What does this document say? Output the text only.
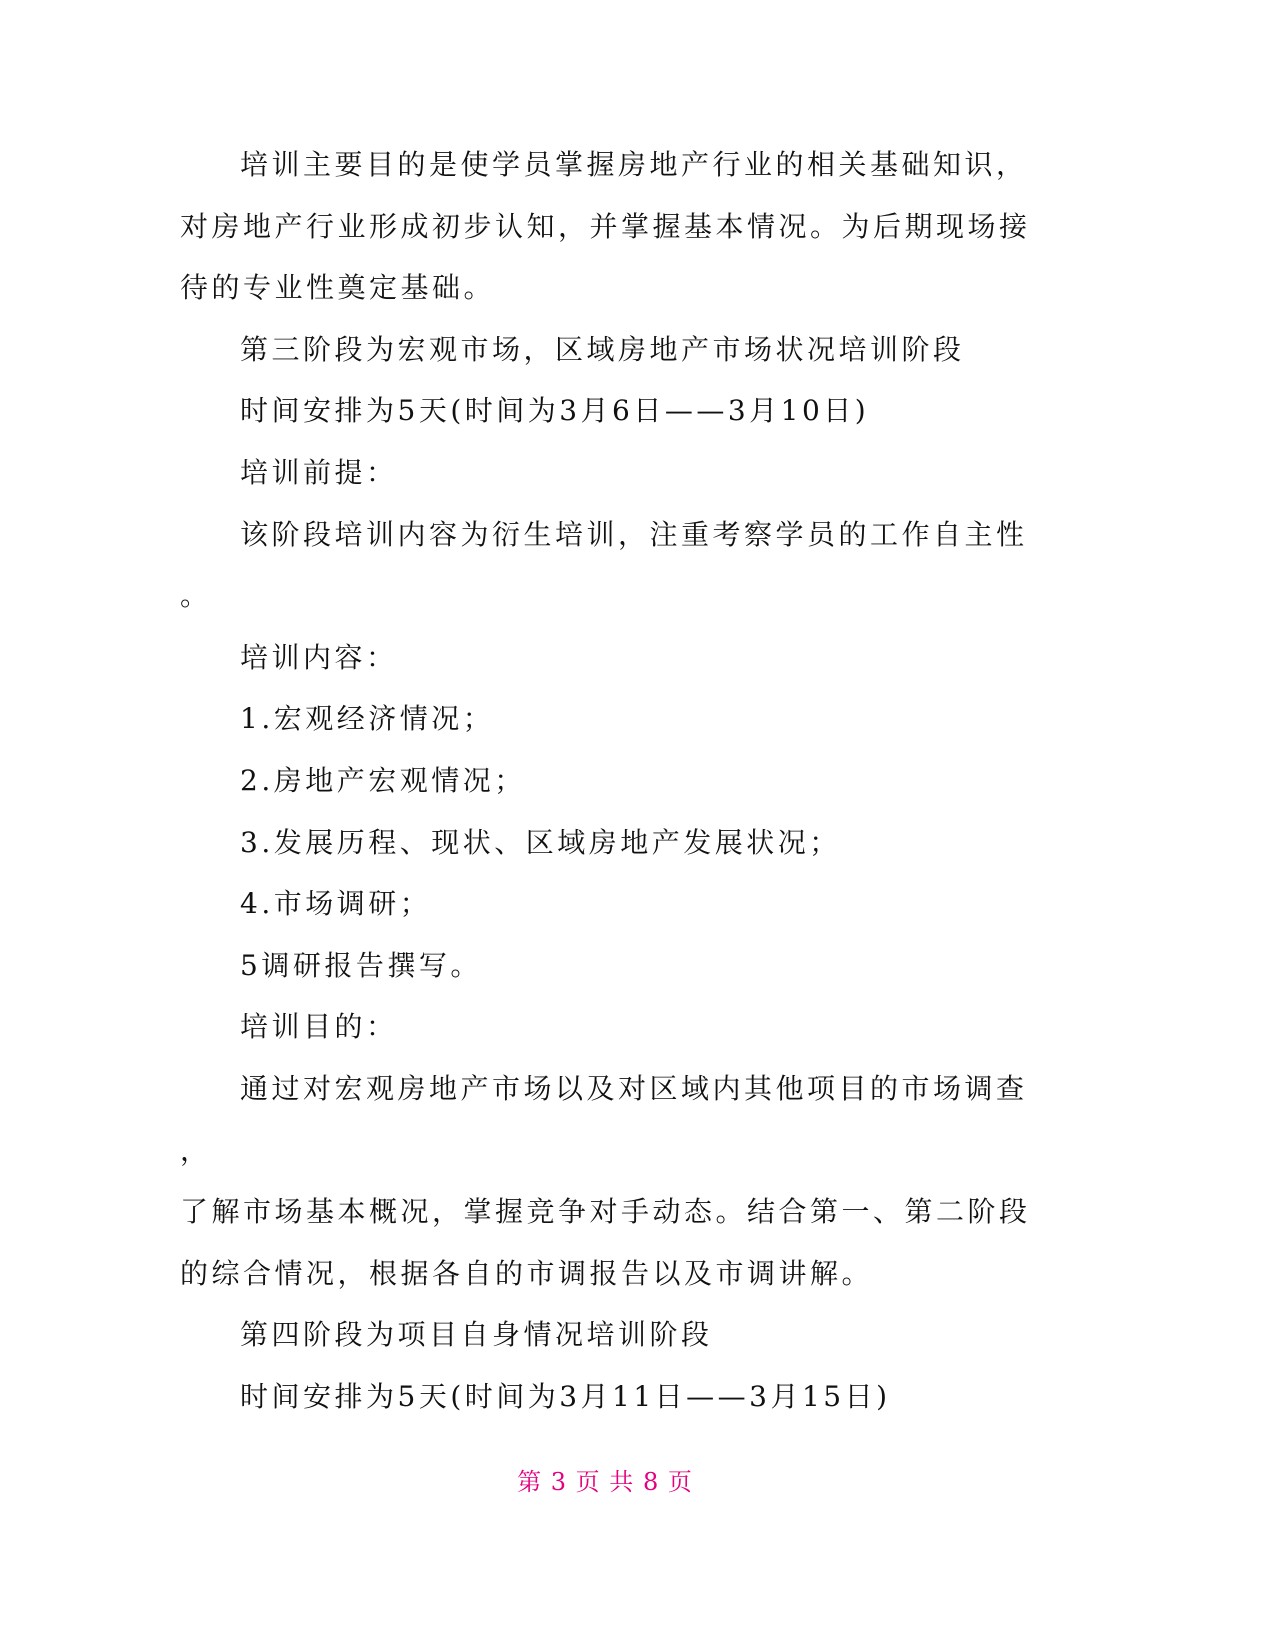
培训主要目的是使学员掌握房地产行业的相关基础知识，
对房地产行业形成初步认知，并掌握基本情况。为后期现场接
待的专业性奠定基础。
第三阶段为宏观市场，区域房地产市场状况培训阶段
时间安排为5天(时间为3月6日——3月10日)
培训前提：
该阶段培训内容为衍生培训，注重考察学员的工作自主性
。
培训内容：
1.宏观经济情况；
2.房地产宏观情况；
3.发展历程、现状、区域房地产发展状况；
4.市场调研；
5调研报告撰写。
培训目的：
通过对宏观房地产市场以及对区域内其他项目的市场调查
，
了解市场基本概况，掌握竞争对手动态。结合第一、第二阶段
的综合情况，根据各自的市调报告以及市调讲解。
第四阶段为项目自身情况培训阶段
时间安排为5天(时间为3月11日——3月15日)
第 3 页 共 8 页
